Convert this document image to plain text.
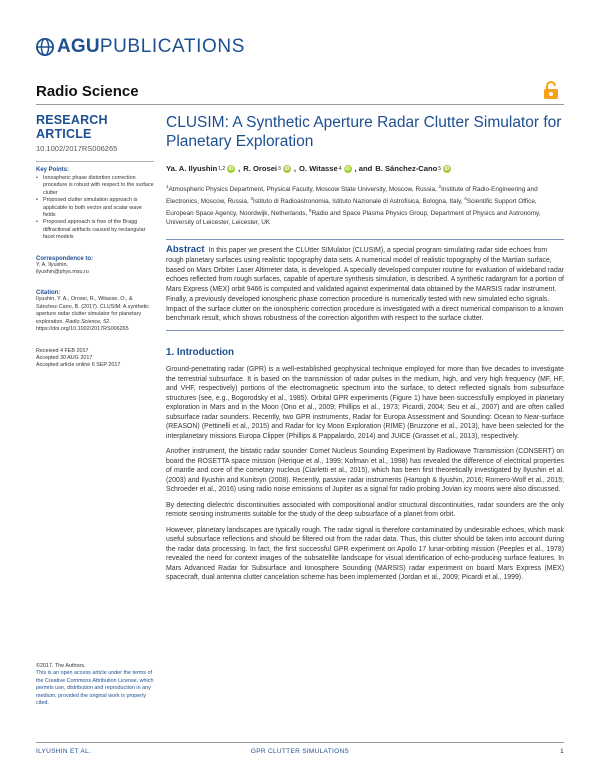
AGU PUBLICATIONS
Radio Science
RESEARCH ARTICLE
10.1002/2017RS006265
Key Points:
• Ionospheric phase distortion correction procedure is robust with respect to the surface clutter
• Proposed clutter simulation approach is applicable to both vector and scalar wave fields
• Proposed approach is free of the Bragg diffractional artifacts caused by rectangular facet models
Correspondence to:
Y. A. Ilyushin,
ilyushin@phys.msu.ru
Citation:
Ilyushin, Y. A., Orosei, R., Witasse, O., & Sánchez-Cano, B. (2017). CLUSIM: A synthetic aperture radar clutter simulator for planetary exploration. Radio Science, 52. https://doi.org/10.1002/2017RS006265
Received 4 FEB 2017
Accepted 30 AUG 2017
Accepted article online 6 SEP 2017
©2017. The Authors.
This is an open access article under the terms of the Creative Commons Attribution License, which permits use, distribution and reproduction in any medium, provided the original work is properly cited.
CLUSIM: A Synthetic Aperture Radar Clutter Simulator for Planetary Exploration
Ya. A. Ilyushin 1,2 iD , R. Orosei 3 iD , O. Witasse 4 iD , and B. Sánchez-Cano 5 iD

$^1$Atmospheric Physics Department, Physical Faculty, Moscow State University, Moscow, Russia, $^2$Institute of Radio-Engineering and Electronics, Moscow, Russia, $^3$Istituto di Radioastronomia, Istituto Nazionale di Astrofisica, Bologna, Italy, $^4$Scientific Support Office, European Space Agency, Noordwijk, Netherlands, $^5$Radio and Space Plasma Physics Group, Department of Physics and Astronomy, University of Leicester, Leicester, UK

Abstract In this paper we present the CLUtter SIMulator (CLUSIM), a special program simulating radar side echoes from rough planetary surfaces using realistic topography data sets. A numerical model of realistic topography of the Martian surface, based on Mars Orbiter Laser Altimeter data, is developed. A specially developed computer routine for evaluation of wideband radar echoes reflected from rough surfaces, capable of aperture synthesis simulation, is described. A synthetic radargram for a portion of Mars Express (MEX) orbit 9466 is computed and validated against experimental data obtained by the MARSIS radar instrument. Finally, a previously developed ionospheric phase correction procedure is numerically tested with new simulated echo signals. Impact of the surface clutter on the ionospheric correction procedure is investigated with a direct numerical comparison to a known benchmark result, which shows robustness of the correction algorithm with respect to the surface clutter.
1. Introduction

Ground-penetrating radar (GPR) is a well-established geophysical technique employed for more than five decades to investigate the terrestrial subsurface. It is based on the transmission of radar pulses in the medium, high, and very high frequency (MF, HF, and VHF, respectively) portions of the electromagnetic spectrum into the surface, to detect reflected signals from subsurface structures (see, e.g., Bogorodsky et al., 1985). Orbital GPR experiments (Figure 1) have been successfully employed in planetary exploration in Mars and in the Moon (Ono et al., 2009; Phillips et al., 1973; Picardi, 2004; Seu et al., 2007) and are often called subsurface radar sounders. Recently, two GPR instruments, Radar for Europa Assessment and Sounding: Ocean to Near-surface (REASON) (Pettinelli et al., 2015) and Radar for Icy Moon Exploration (RIME) (Bruzzone et al., 2013), have been selected for the interplanetary missions Europa Clipper (Phillips & Pappalardo, 2014) and JUICE (Grasset et al., 2013), respectively.

Another instrument, the bistatic radar sounder Comet Nucleus Sounding Experiment by Radiowave Transmission (CONSERT) on board the ROSETTA space mission (Herique et al., 1999; Kofman et al., 1998) has revealed the difference of electrical properties of mantle and core of the cometary nucleus (Ciarletti et al., 2015), which has been first theoretically investigated by Ilyushin et al. (2003) and Ilyushin and Kunitsyn (2008). Recently, passive radar instruments (Hartogh & Ilyushin, 2016; Romero-Wolf et al., 2015; Schroeder et al., 2016) using radio noise emissions of Jupiter as a signal for radio probing Jovian icy moons were also discussed.

By detecting dielectric discontinuities associated with compositional and/or structural discontinuities, radar sounders are the only remote sensing instruments suitable for the study of the deep subsurface of a planet from orbit.

However, planetary landscapes are typically rough. The radar signal is therefore contaminated by undesirable echoes, which mask useful subsurface reflections and should be filtered out from the radar data. Thus, this clutter should be taken into account during the radar data processing. In fact, the first successful GPR experiment on Apollo 17 lunar-orbiting mission (Peeples et al., 1978) revealed the need for context images of the subsatellite landscape for visual identification of echo-producing surface features. In Mars Advanced Radar for Subsurface and Ionosphere Sounding (MARSIS) radar experiment on board Mars Express (MEX) spacecraft, dual antenna clutter cancelation scheme has been implemented (Jordan et al., 2009; Picardi et al., 1999).

ILYUSHIN ET AL.	GPR CLUTTER SIMULATIONS	1
